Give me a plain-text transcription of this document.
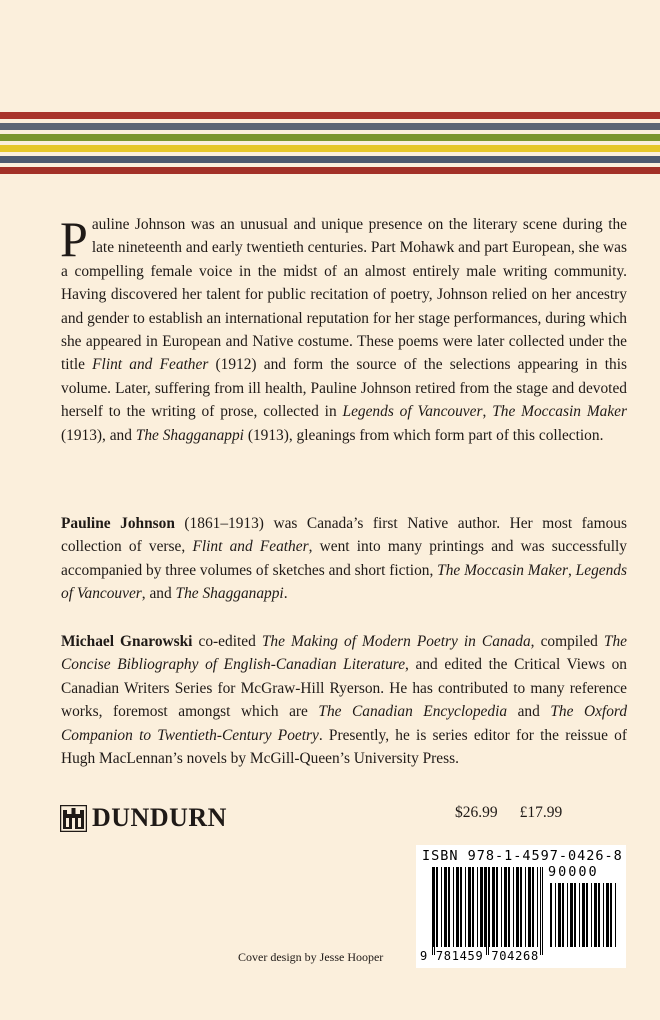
Pauline Johnson was an unusual and unique presence on the literary scene during the late nineteenth and early twentieth centuries. Part Mohawk and part European, she was a compelling female voice in the midst of an almost entirely male writing community. Having discovered her talent for public recitation of poetry, Johnson relied on her ancestry and gender to establish an international reputation for her stage performances, during which she appeared in European and Native costume. These poems were later collected under the title Flint and Feather (1912) and form the source of the selections appearing in this volume. Later, suffering from ill health, Pauline Johnson retired from the stage and devoted herself to the writing of prose, collected in Legends of Vancouver, The Moccasin Maker (1913), and The Shagganappi (1913), gleanings from which form part of this collection.

Pauline Johnson (1861–1913) was Canada’s first Native author. Her most famous collection of verse, Flint and Feather, went into many printings and was successfully accompanied by three volumes of sketches and short fiction, The Moccasin Maker, Legends of Vancouver, and The Shagganappi.

Michael Gnarowski co-edited The Making of Modern Poetry in Canada, compiled The Concise Bibliography of English-Canadian Literature, and edited the Critical Views on Canadian Writers Series for McGraw-Hill Ryerson. He has contributed to many reference works, foremost amongst which are The Canadian Encyclopedia and The Oxford Companion to Twentieth-Century Poetry. Presently, he is series editor for the reissue of Hugh MacLennan’s novels by McGill-Queen’s University Press.

DUNDURN	$26.99 £17.99
ISBN 978-1-4597-0426-8
90000
9 781459 704268
Cover design by Jesse Hooper
